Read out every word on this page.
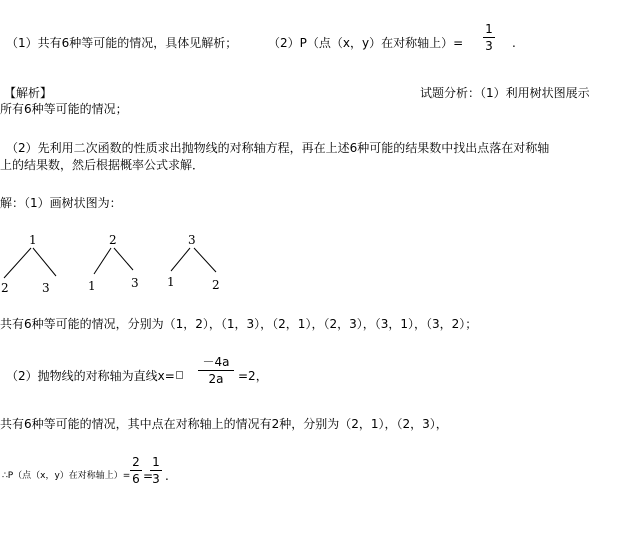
（1）共有6种等可能的情况，具体见解析；	（2）P（点（x，y）在对称轴上）=
1
3 .
【解析】	试题分析：（1）利用树状图展示
所有6种等可能的情况；
（2）先利用二次函数的性质求出抛物线的对称轴方程，再在上述6种可能的结果数中找出点落在对称轴
上的结果数，然后根据概率公式求解．
解：（1）画树状图为：
1
2	3
2
1	3
3
1	2
共有6种等可能的情况，分别为（1，2），（1，3），（2，1），（2，3），（3，1），（3，2）；
（2）抛物线的对称轴为直线x=
－4a
2a	=2，
共有6种等可能的情况，其中点在对称轴上的情况有2种，分别为（2，1），（2，3），
∴P（点（x，y）在对称轴上）=
2
6 =
1
3 .
